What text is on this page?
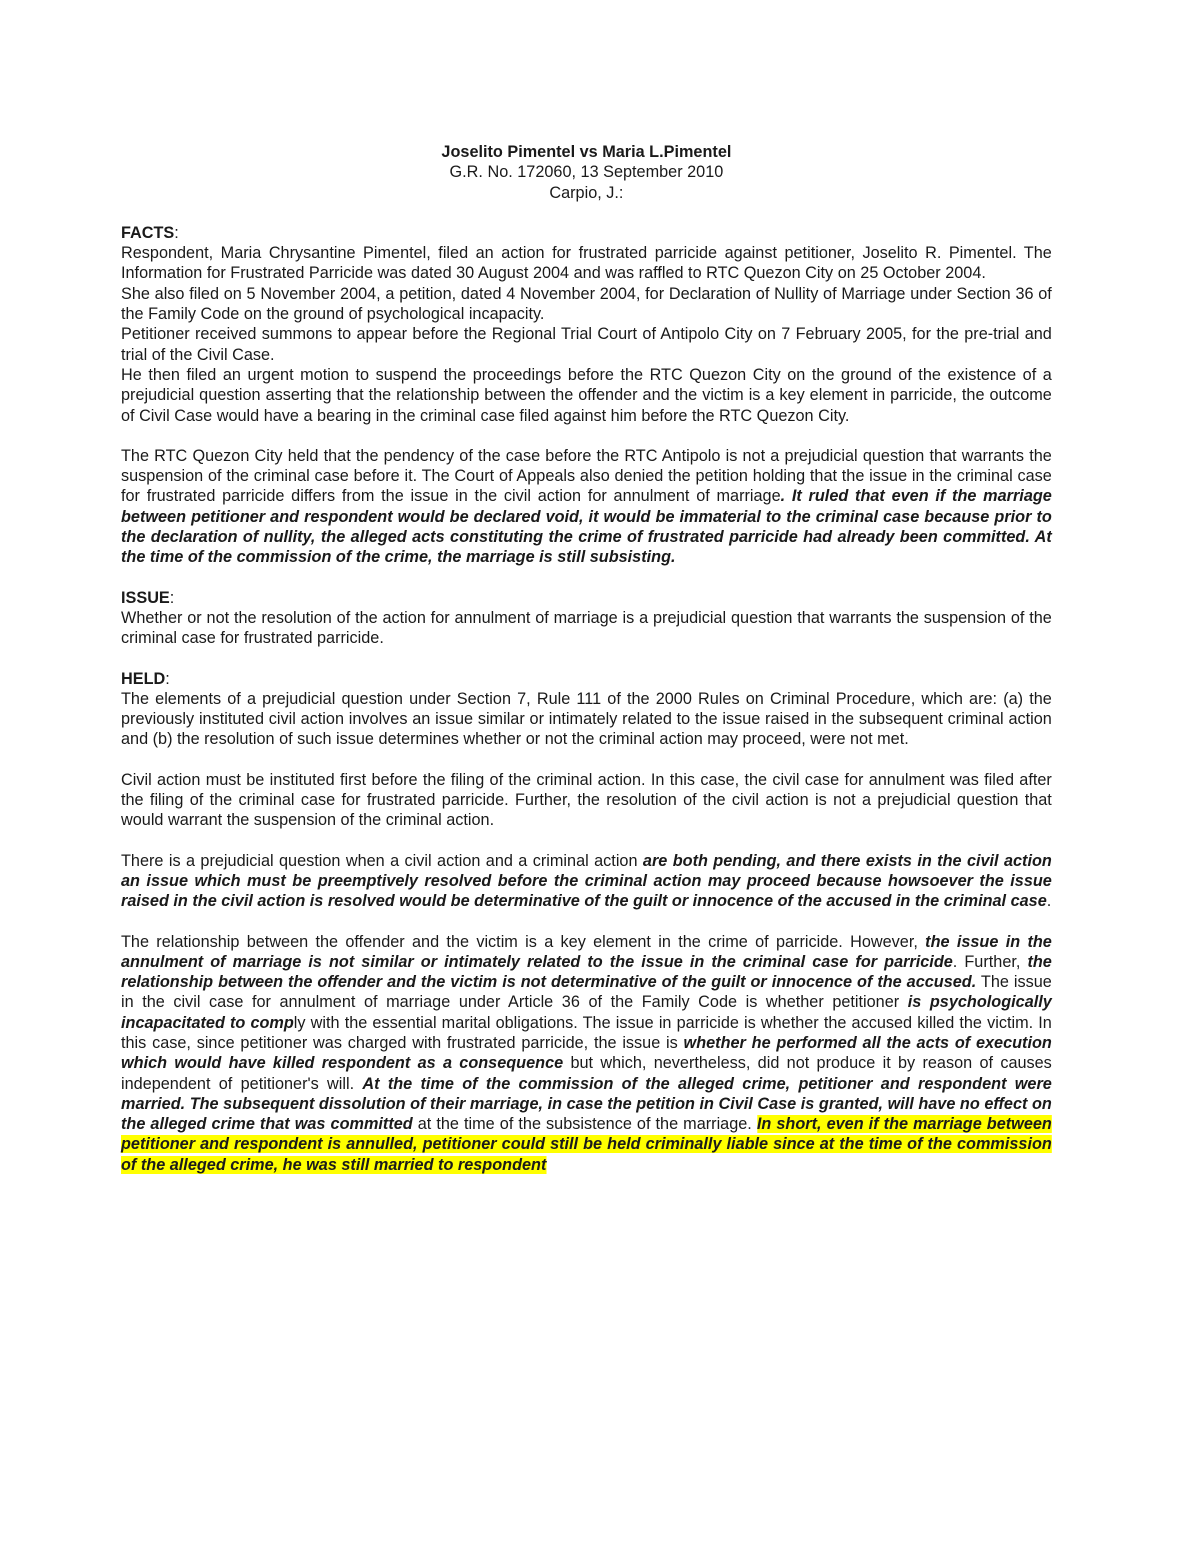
Joselito Pimentel vs Maria L.Pimentel
G.R. No. 172060, 13 September 2010
Carpio, J.:
FACTS:

Respondent, Maria Chrysantine Pimentel, filed an action for frustrated parricide against petitioner, Joselito R. Pimentel. The Information for Frustrated Parricide was dated 30 August 2004 and was raffled to RTC Quezon City on 25 October 2004.

She also filed on 5 November 2004, a petition, dated 4 November 2004, for Declaration of Nullity of Marriage under Section 36 of the Family Code on the ground of psychological incapacity.

Petitioner received summons to appear before the Regional Trial Court of Antipolo City on 7 February 2005, for the pre-trial and trial of the Civil Case.

He then filed an urgent motion to suspend the proceedings before the RTC Quezon City on the ground of the existence of a prejudicial question asserting that the relationship between the offender and the victim is a key element in parricide, the outcome of Civil Case would have a bearing in the criminal case filed against him before the RTC Quezon City.

The RTC Quezon City held that the pendency of the case before the RTC Antipolo is not a prejudicial question that warrants the suspension of the criminal case before it. The Court of Appeals also denied the petition holding that the issue in the criminal case for frustrated parricide differs from the issue in the civil action for annulment of marriage. It ruled that even if the marriage between petitioner and respondent would be declared void, it would be immaterial to the criminal case because prior to the declaration of nullity, the alleged acts constituting the crime of frustrated parricide had already been committed. At the time of the commission of the crime, the marriage is still subsisting.

ISSUE:

Whether or not the resolution of the action for annulment of marriage is a prejudicial question that warrants the suspension of the criminal case for frustrated parricide.

HELD:

The elements of a prejudicial question under Section 7, Rule 111 of the 2000 Rules on Criminal Procedure, which are: (a) the previously instituted civil action involves an issue similar or intimately related to the issue raised in the subsequent criminal action and (b) the resolution of such issue determines whether or not the criminal action may proceed, were not met.

Civil action must be instituted first before the filing of the criminal action. In this case, the civil case for annulment was filed after the filing of the criminal case for frustrated parricide. Further, the resolution of the civil action is not a prejudicial question that would warrant the suspension of the criminal action.

There is a prejudicial question when a civil action and a criminal action are both pending, and there exists in the civil action an issue which must be preemptively resolved before the criminal action may proceed because howsoever the issue raised in the civil action is resolved would be determinative of the guilt or innocence of the accused in the criminal case.

The relationship between the offender and the victim is a key element in the crime of parricide. However, the issue in the annulment of marriage is not similar or intimately related to the issue in the criminal case for parricide. Further, the relationship between the offender and the victim is not determinative of the guilt or innocence of the accused. The issue in the civil case for annulment of marriage under Article 36 of the Family Code is whether petitioner is psychologically incapacitated to comply with the essential marital obligations. The issue in parricide is whether the accused killed the victim. In this case, since petitioner was charged with frustrated parricide, the issue is whether he performed all the acts of execution which would have killed respondent as a consequence but which, nevertheless, did not produce it by reason of causes independent of petitioner's will. At the time of the commission of the alleged crime, petitioner and respondent were married. The subsequent dissolution of their marriage, in case the petition in Civil Case is granted, will have no effect on the alleged crime that was committed at the time of the subsistence of the marriage. In short, even if the marriage between petitioner and respondent is annulled, petitioner could still be held criminally liable since at the time of the commission of the alleged crime, he was still married to respondent
